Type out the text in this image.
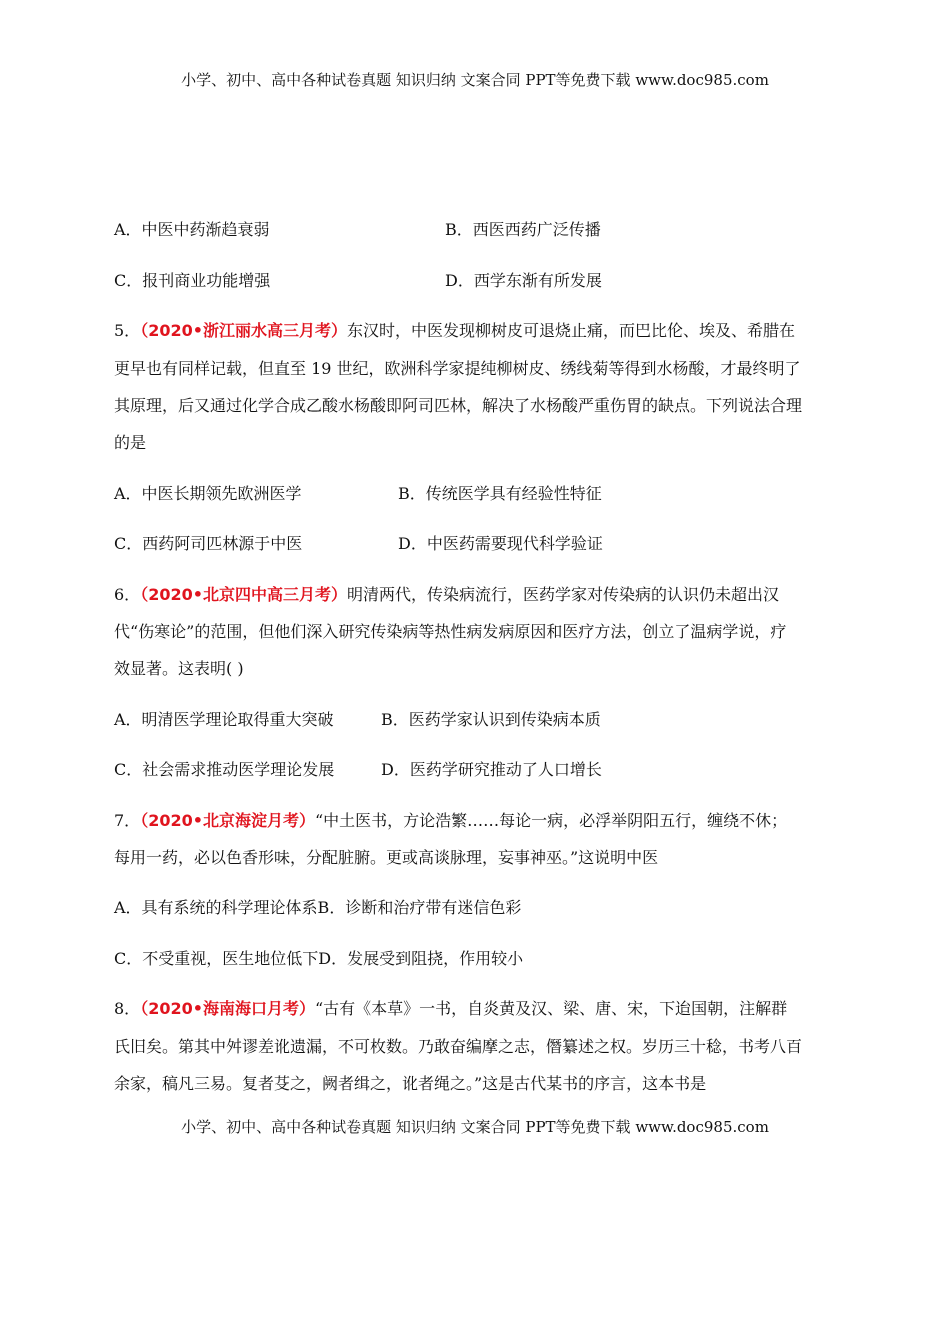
小学、初中、高中各种试卷真题 知识归纳 文案合同 PPT等免费下载 www.doc985.com
A．中医中药渐趋衰弱	B．西医西药广泛传播
C．报刊商业功能增强	D．西学东渐有所发展
5．（2020•浙江丽水高三月考）东汉时，中医发现柳树皮可退烧止痛，而巴比伦、埃及、希腊在
更早也有同样记载，但直至 19 世纪，欧洲科学家提纯柳树皮、绣线菊等得到水杨酸，才最终明了
其原理，后又通过化学合成乙酸水杨酸即阿司匹林，解决了水杨酸严重伤胃的缺点。下列说法合理
的是
A．中医长期领先欧洲医学	B．传统医学具有经验性特征
C．西药阿司匹林源于中医	D．中医药需要现代科学验证
6．（2020•北京四中高三月考）明清两代，传染病流行，医药学家对传染病的认识仍未超出汉
代“伤寒论”的范围，但他们深入研究传染病等热性病发病原因和医疗方法，创立了温病学说，疗
效显著。这表明( )
A．明清医学理论取得重大突破	B．医药学家认识到传染病本质
C．社会需求推动医学理论发展	D．医药学研究推动了人口增长
7．（2020•北京海淀月考）“中土医书，方论浩繁……每论一病，必浮举阴阳五行，缠绕不休；
每用一药，必以色香形味，分配脏腑。更或高谈脉理，妄事神巫。”这说明中医
A．具有系统的科学理论体系B．诊断和治疗带有迷信色彩
C．不受重视，医生地位低下D．发展受到阻挠，作用较小
8．（2020•海南海口月考）“古有《本草》一书，自炎黄及汉、梁、唐、宋，下迨国朝，注解群
氏旧矣。第其中舛谬差讹遗漏，不可枚数。乃敢奋编摩之志，僭纂述之权。岁历三十稔，书考八百
余家，稿凡三易。复者芟之，阙者缉之，讹者绳之。”这是古代某书的序言，这本书是
小学、初中、高中各种试卷真题 知识归纳 文案合同 PPT等免费下载 www.doc985.com
